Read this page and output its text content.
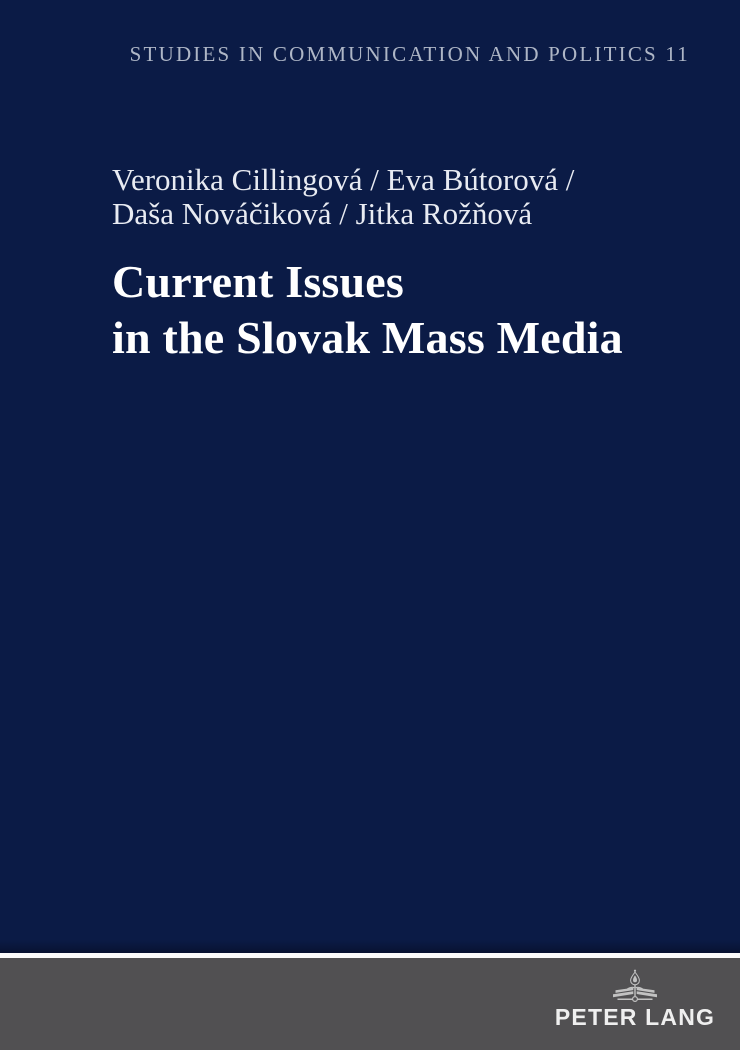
STUDIES IN COMMUNICATION AND POLITICS 11
Veronika Cillingová / Eva Bútorová /
Daša Nováčiková / Jitka Rožňová
Current Issues
in the Slovak Mass Media
PETER LANG
